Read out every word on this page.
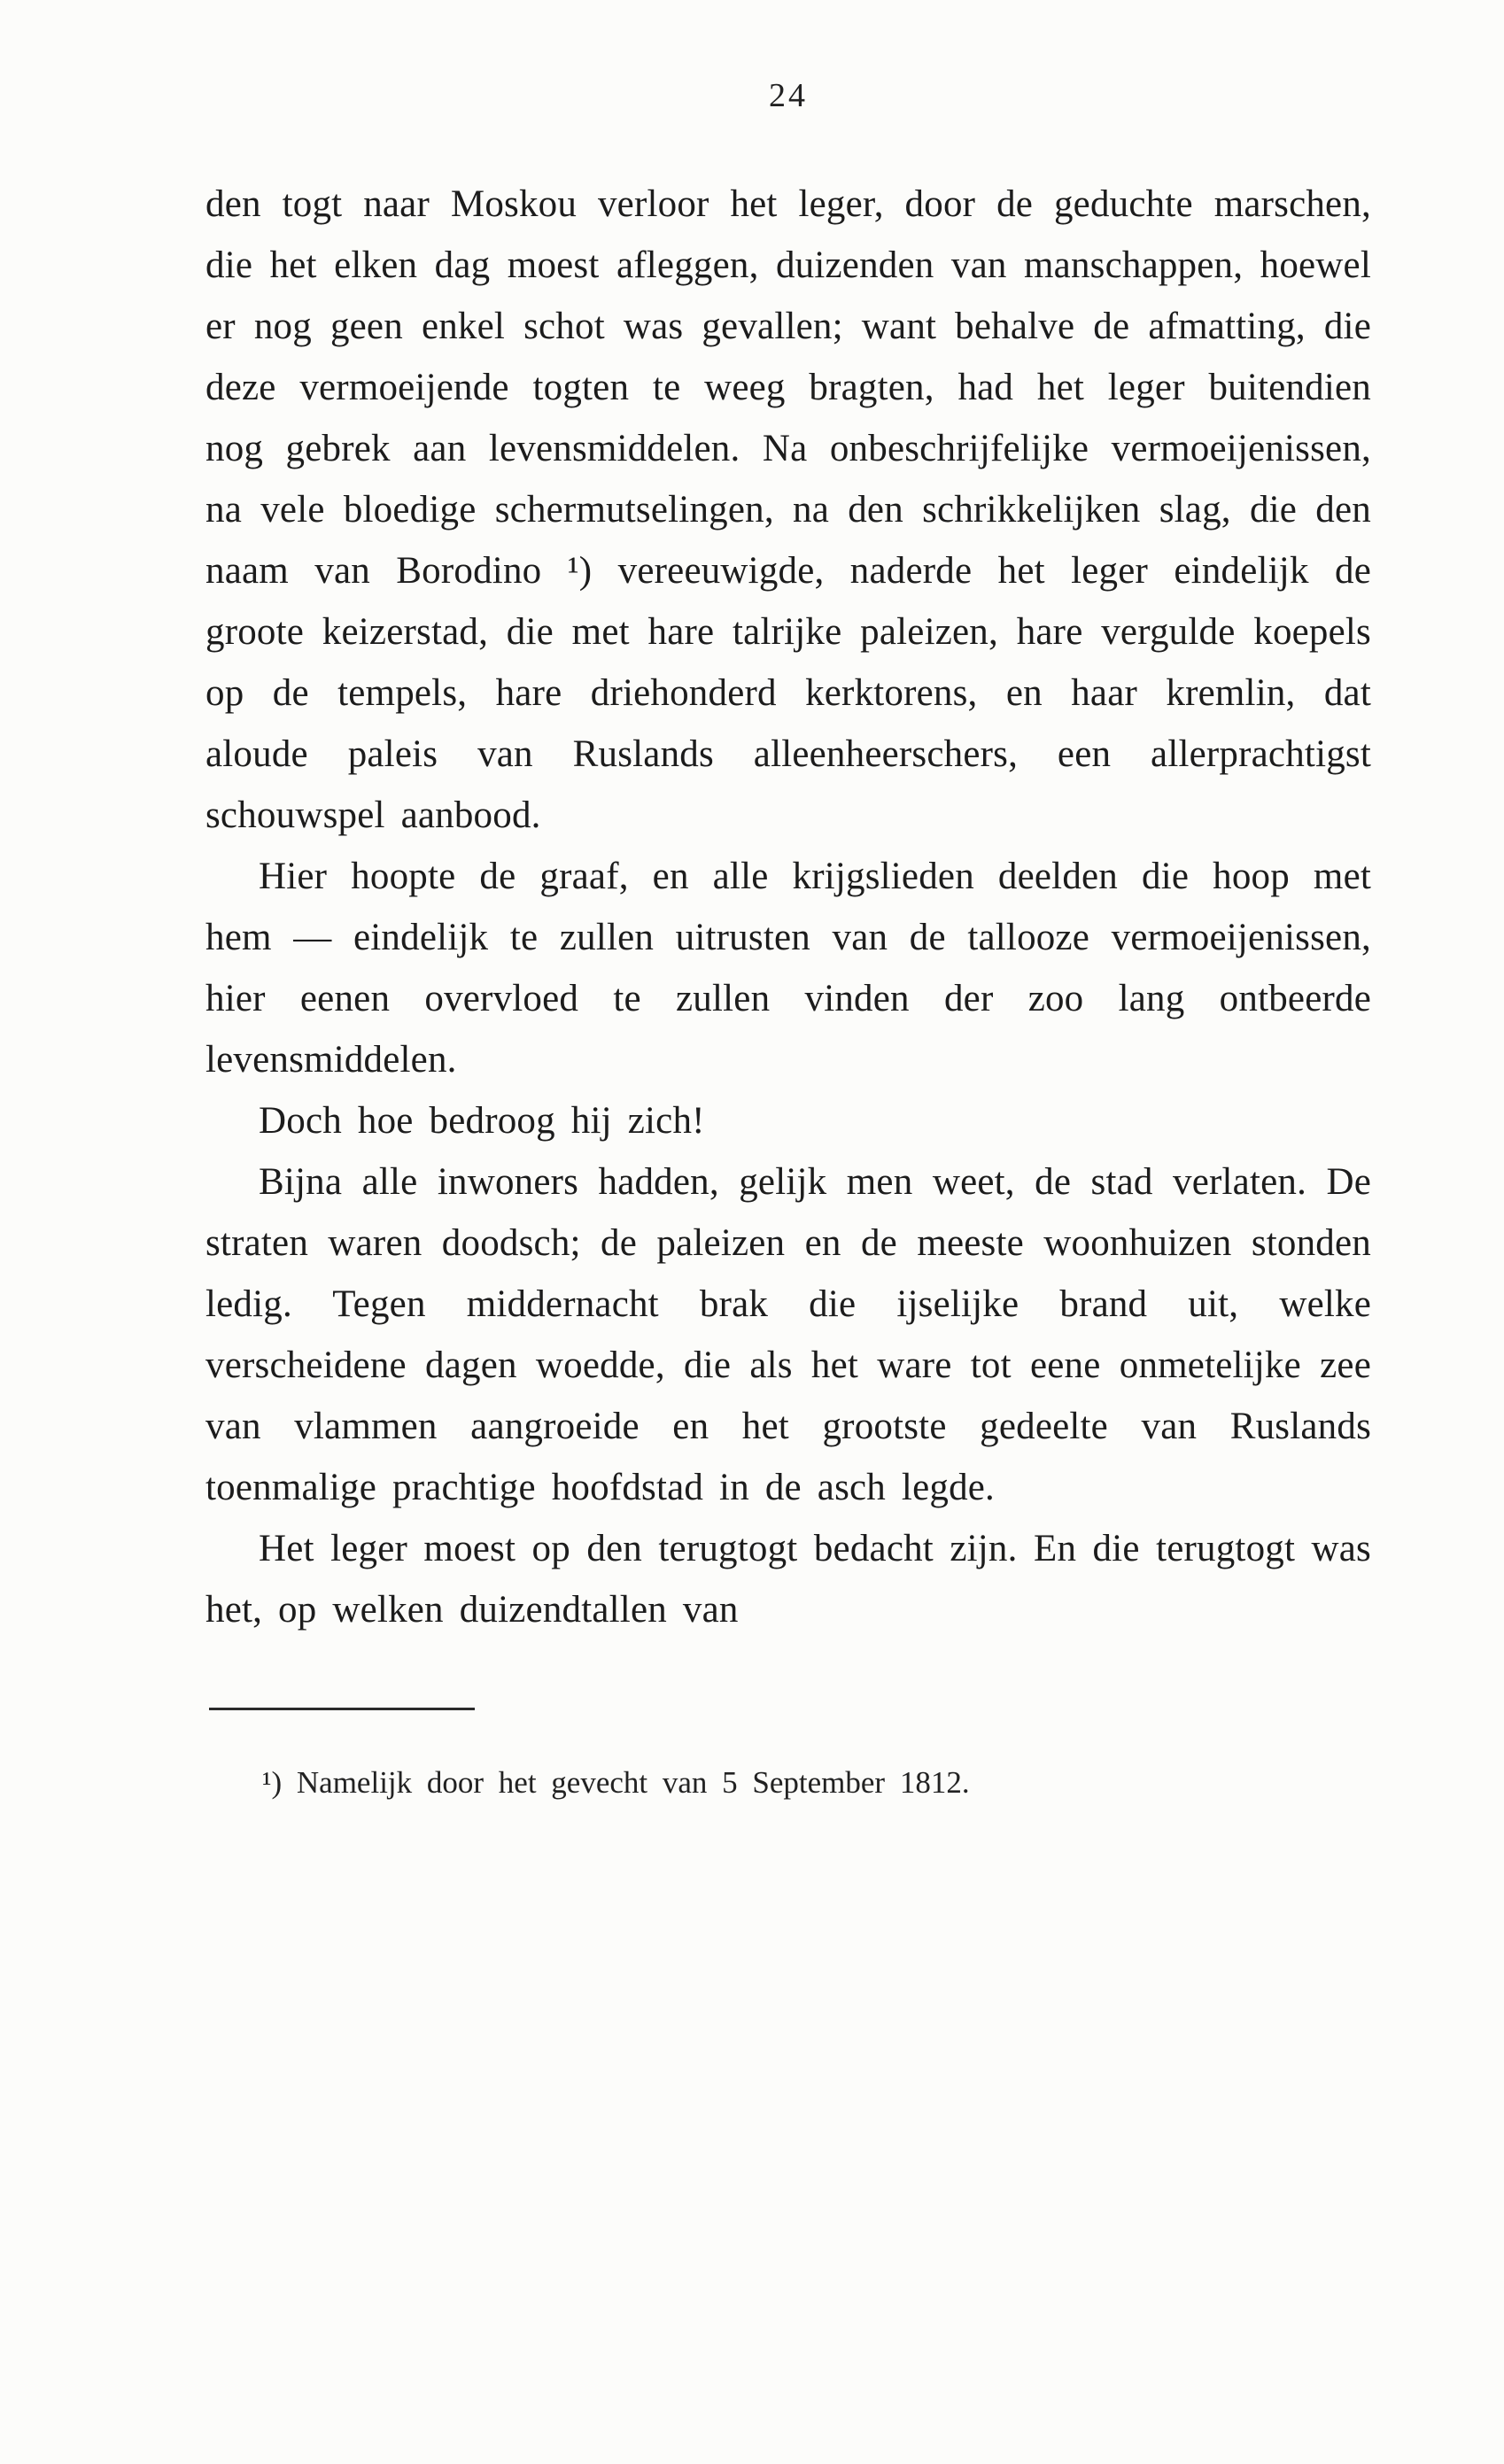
24

den togt naar Moskou verloor het leger, door de geduchte marschen, die het elken dag moest afleggen, duizenden van manschappen, hoewel er nog geen enkel schot was gevallen; want behalve de afmatting, die deze vermoeijende togten te weeg bragten, had het leger buitendien nog gebrek aan levensmiddelen. Na onbeschrijfelijke vermoeijenissen, na vele bloedige schermutselingen, na den schrikkelijken slag, die den naam van Borodino ¹) vereeuwigde, naderde het leger eindelijk de groote keizerstad, die met hare talrijke paleizen, hare vergulde koepels op de tempels, hare driehonderd kerktorens, en haar kremlin, dat aloude paleis van Ruslands alleenheerschers, een allerprachtigst schouwspel aanbood.

Hier hoopte de graaf, en alle krijgslieden deelden die hoop met hem — eindelijk te zullen uitrusten van de tallooze vermoeijenissen, hier eenen overvloed te zullen vinden der zoo lang ontbeerde levensmiddelen.

Doch hoe bedroog hij zich!

Bijna alle inwoners hadden, gelijk men weet, de stad verlaten. De straten waren doodsch; de paleizen en de meeste woonhuizen stonden ledig. Tegen middernacht brak die ijselijke brand uit, welke verscheidene dagen woedde, die als het ware tot eene onmetelijke zee van vlammen aangroeide en het grootste gedeelte van Ruslands toenmalige prachtige hoofdstad in de asch legde.

Het leger moest op den terugtogt bedacht zijn. En die terugtogt was het, op welken duizendtallen van

¹) Namelijk door het gevecht van 5 September 1812.
